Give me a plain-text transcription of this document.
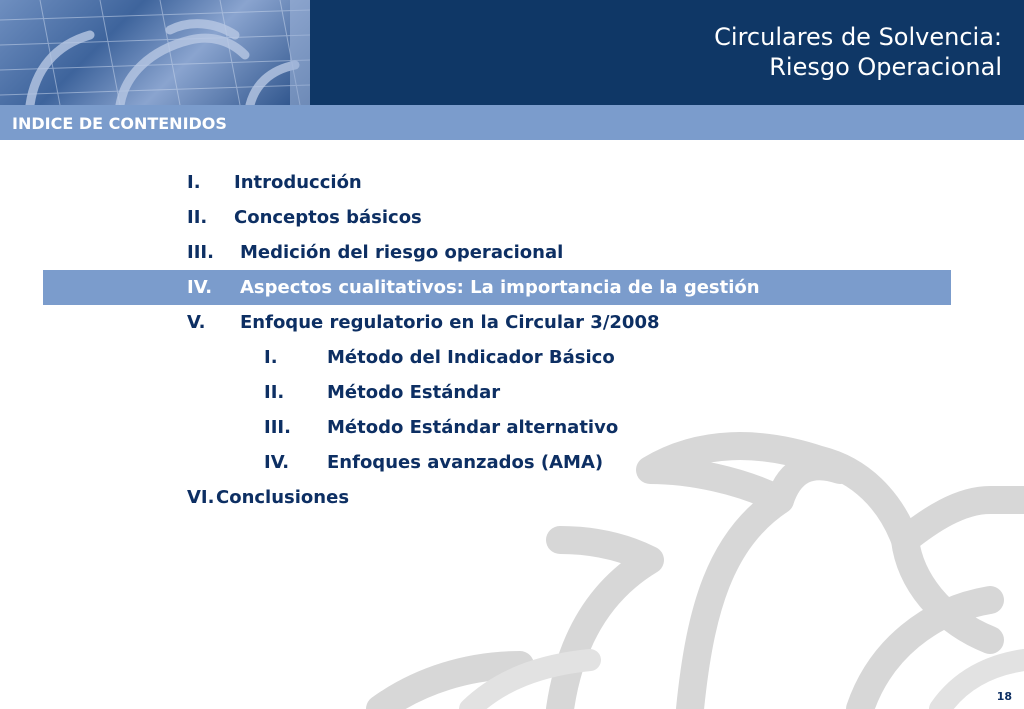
Circulares de Solvencia:
Riesgo Operacional
INDICE DE CONTENIDOS
I.	Introducción
II.	Conceptos básicos
III.	Medición del riesgo operacional
IV.	Aspectos cualitativos: La importancia de la gestión
V.	Enfoque regulatorio en la Circular 3/2008
I.	Método del Indicador Básico
II.	Método Estándar
III.	Método Estándar alternativo
IV.	Enfoques avanzados (AMA)
VI. Conclusiones
18
